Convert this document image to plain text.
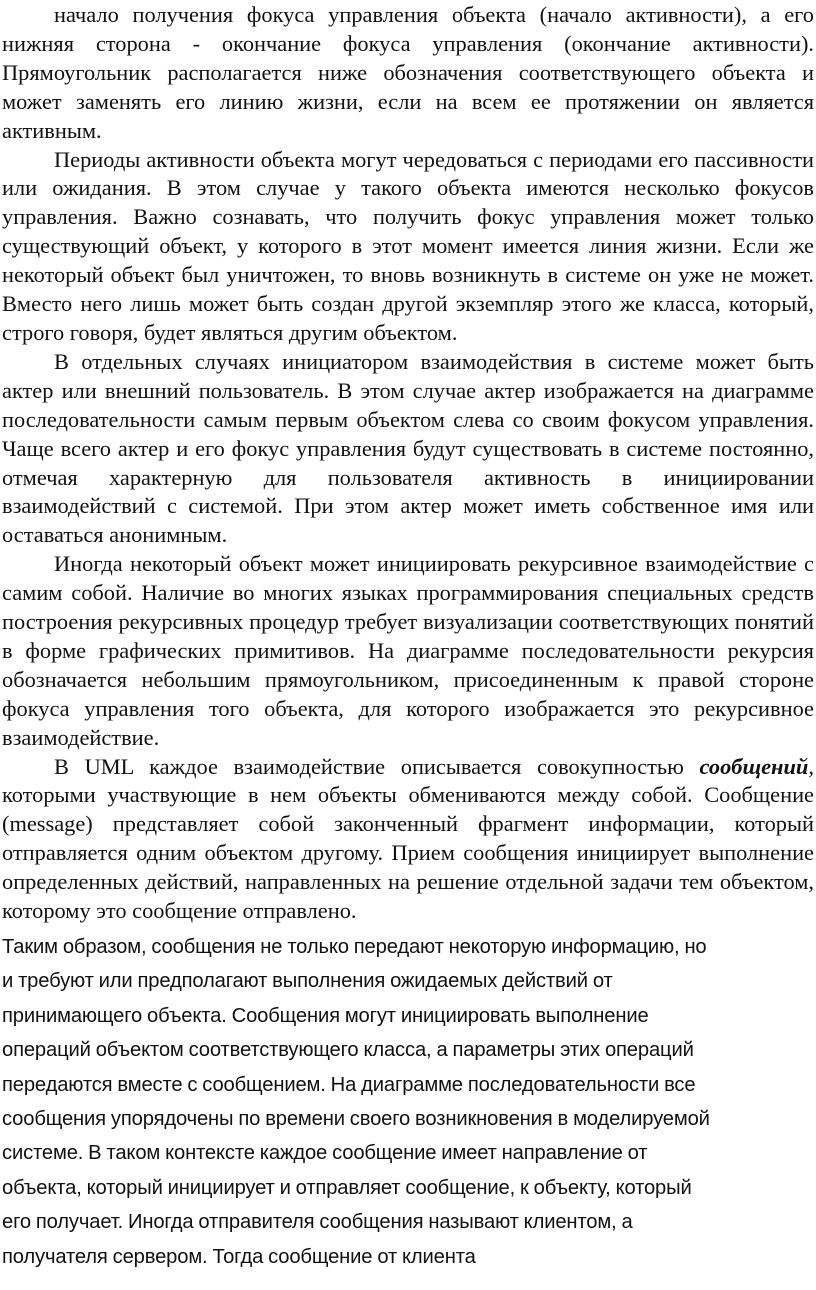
начало получения фокуса управления объекта (начало активности), а его нижняя сторона - окончание фокуса управления (окончание активности). Прямоугольник располагается ниже обозначения соответствующего объекта и может заменять его линию жизни, если на всем ее протяжении он является активным.

Периоды активности объекта могут чередоваться с периодами его пассивности или ожидания. В этом случае у такого объекта имеются несколько фокусов управления. Важно сознавать, что получить фокус управления может только существующий объект, у которого в этот момент имеется линия жизни. Если же некоторый объект был уничтожен, то вновь возникнуть в системе он уже не может. Вместо него лишь может быть создан другой экземпляр этого же класса, который, строго говоря, будет являться другим объектом.

В отдельных случаях инициатором взаимодействия в системе может быть актер или внешний пользователь. В этом случае актер изображается на диаграмме последовательности самым первым объектом слева со своим фокусом управления. Чаще всего актер и его фокус управления будут существовать в системе постоянно, отмечая характерную для пользователя активность в инициировании взаимодействий с системой. При этом актер может иметь собственное имя или оставаться анонимным.

Иногда некоторый объект может инициировать рекурсивное взаимодействие с самим собой. Наличие во многих языках программирования специальных средств построения рекурсивных процедур требует визуализации соответствующих понятий в форме графических примитивов. На диаграмме последовательности рекурсия обозначается небольшим прямоугольником, присоединенным к правой стороне фокуса управления того объекта, для которого изображается это рекурсивное взаимодействие.

В UML каждое взаимодействие описывается совокупностью сообщений, которыми участвующие в нем объекты обмениваются между собой. Сообщение (message) представляет собой законченный фрагмент информации, который отправляется одним объектом другому. Прием сообщения инициирует выполнение определенных действий, направленных на решение отдельной задачи тем объектом, которому это сообщение отправлено.

Таким образом, сообщения не только передают некоторую информацию, но

и требуют или предполагают выполнения ожидаемых действий от

принимающего объекта. Сообщения могут инициировать выполнение

операций объектом соответствующего класса, а параметры этих операций

передаются вместе с сообщением. На диаграмме последовательности все

сообщения упорядочены по времени своего возникновения в моделируемой

системе. В таком контексте каждое сообщение имеет направление от

объекта, который инициирует и отправляет сообщение, к объекту, который

его получает. Иногда отправителя сообщения называют клиентом, а

получателя сервером. Тогда сообщение от клиента
